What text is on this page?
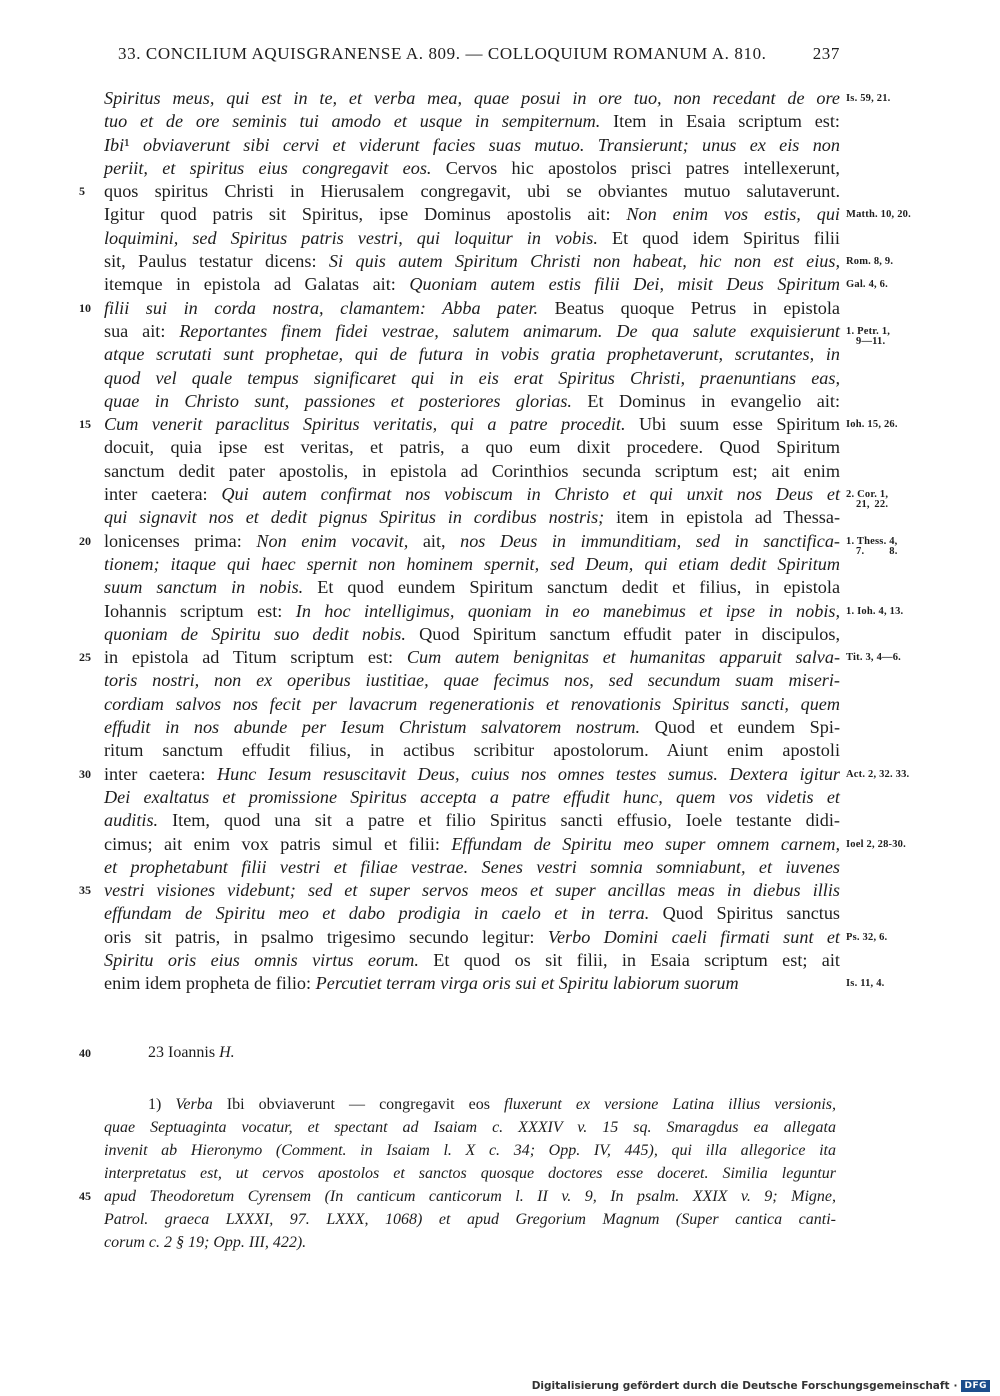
33. CONCILIUM AQUISGRANENSE A. 809. — COLLOQUIUM ROMANUM A. 810.	237
Spiritus meus, qui est in te, et verba mea, quae posui in ore tuo, non recedant de ore Is. 59, 21.
tuo et de ore seminis tui amodo et usque in sempiternum. Item in Esaia scriptum est:
Ibi¹ obviaverunt sibi cervi et viderunt facies suas mutuo. Transierunt; unus ex eis non
periit, et spiritus eius congregavit eos. Cervos hic apostolos prisci patres intellexerunt,
5 quos spiritus Christi in Hierusalem congregavit, ubi se obviantes mutuo salutaverunt.
Igitur quod patris sit Spiritus, ipse Dominus apostolis ait: Non enim vos estis, qui Matth. 10, 20.
loquimini, sed Spiritus patris vestri, qui loquitur in vobis. Et quod idem Spiritus filii
sit, Paulus testatur dicens: Si quis autem Spiritum Christi non habeat, hic non est eius, Rom. 8, 9.
itemque in epistola ad Galatas ait: Quoniam autem estis filii Dei, misit Deus Spiritum Gal. 4, 6.
10 filii sui in corda nostra, clamantem: Abba pater. Beatus quoque Petrus in epistola
sua ait: Reportantes finem fidei vestrae, salutem animarum. De qua salute exquisierunt 1. Petr. 1,
9—11.
atque scrutati sunt prophetae, qui de futura in vobis gratia prophetaverunt, scrutantes, in
quod vel quale tempus significaret qui in eis erat Spiritus Christi, praenuntians eas,
quae in Christo sunt, passiones et posteriores glorias. Et Dominus in evangelio ait:
15 Cum venerit paraclitus Spiritus veritatis, qui a patre procedit. Ubi suum esse Spiritum Ioh. 15, 26.
docuit, quia ipse est veritas, et patris, a quo eum dixit procedere. Quod Spiritum
sanctum dedit pater apostolis, in epistola ad Corinthios secunda scriptum est; ait enim
inter caetera: Qui autem confirmat nos vobiscum in Christo et qui unxit nos Deus et 2. Cor. 1,
21, 22.
qui signavit nos et dedit pignus Spiritus in cordibus nostris; item in epistola ad Thessa-
20 lonicenses prima: Non enim vocavit, ait, nos Deus in immunditiam, sed in sanctifica- 1. Thess. 4,
7. 8.
tionem; itaque qui haec spernit non hominem spernit, sed Deum, qui etiam dedit Spiritum
suum sanctum in nobis. Et quod eundem Spiritum sanctum dedit et filius, in epistola
Iohannis scriptum est: In hoc intelligimus, quoniam in eo manebimus et ipse in nobis, 1. Ioh. 4, 13.
quoniam de Spiritu suo dedit nobis. Quod Spiritum sanctum effudit pater in discipulos,
25 in epistola ad Titum scriptum est: Cum autem benignitas et humanitas apparuit salva- Tit. 3, 4—6.
toris nostri, non ex operibus iustitiae, quae fecimus nos, sed secundum suam miseri-
cordiam salvos nos fecit per lavacrum regenerationis et renovationis Spiritus sancti, quem
effudit in nos abunde per Iesum Christum salvatorem nostrum. Quod et eundem Spi-
ritum sanctum effudit filius, in actibus scribitur apostolorum. Aiunt enim apostoli
30 inter caetera: Hunc Iesum resuscitavit Deus, cuius nos omnes testes sumus. Dextera igitur Act. 2, 32. 33.
Dei exaltatus et promissione Spiritus accepta a patre effudit hunc, quem vos videtis et
auditis. Item, quod una sit a patre et filio Spiritus sancti effusio, Ioele testante didi-
cimus; ait enim vox patris simul et filii: Effundam de Spiritu meo super omnem carnem, Ioel 2, 28-30.
et prophetabunt filii vestri et filiae vestrae. Senes vestri somnia somniabunt, et iuvenes
35 vestri visiones videbunt; sed et super servos meos et super ancillas meas in diebus illis
effundam de Spiritu meo et dabo prodigia in caelo et in terra. Quod Spiritus sanctus
oris sit patris, in psalmo trigesimo secundo legitur: Verbo Domini caeli firmati sunt et Ps. 32, 6.
Spiritu oris eius omnis virtus eorum. Et quod os sit filii, in Esaia scriptum est; ait
enim idem propheta de filio: Percutiet terram virga oris sui et Spiritu labiorum suorum	Is. 11, 4.
40	23 Ioannis H.
1) Verba Ibi obviaverunt — congregavit eos fluxerunt ex versione Latina illius versionis,
quae Septuaginta vocatur, et spectant ad Isaiam c. XXXIV v. 15 sq. Smaragdus ea allegata
invenit ab Hieronymo (Comment. in Isaiam l. X c. 34; Opp. IV, 445), qui illa allegorice ita
interpretatus est, ut cervos apostolos et sanctos quosque doctores esse doceret. Similia leguntur
45 apud Theodoretum Cyrensem (In canticum canticorum l. II v. 9, In psalm. XXIX v. 9; Migne,
Patrol. graeca LXXXI, 97. LXXX, 1068) et apud Gregorium Magnum (Super cantica canti-
corum c. 2 § 19; Opp. III, 422).
Digitalisierung gefördert durch die Deutsche Forschungsgemeinschaft · DFG
